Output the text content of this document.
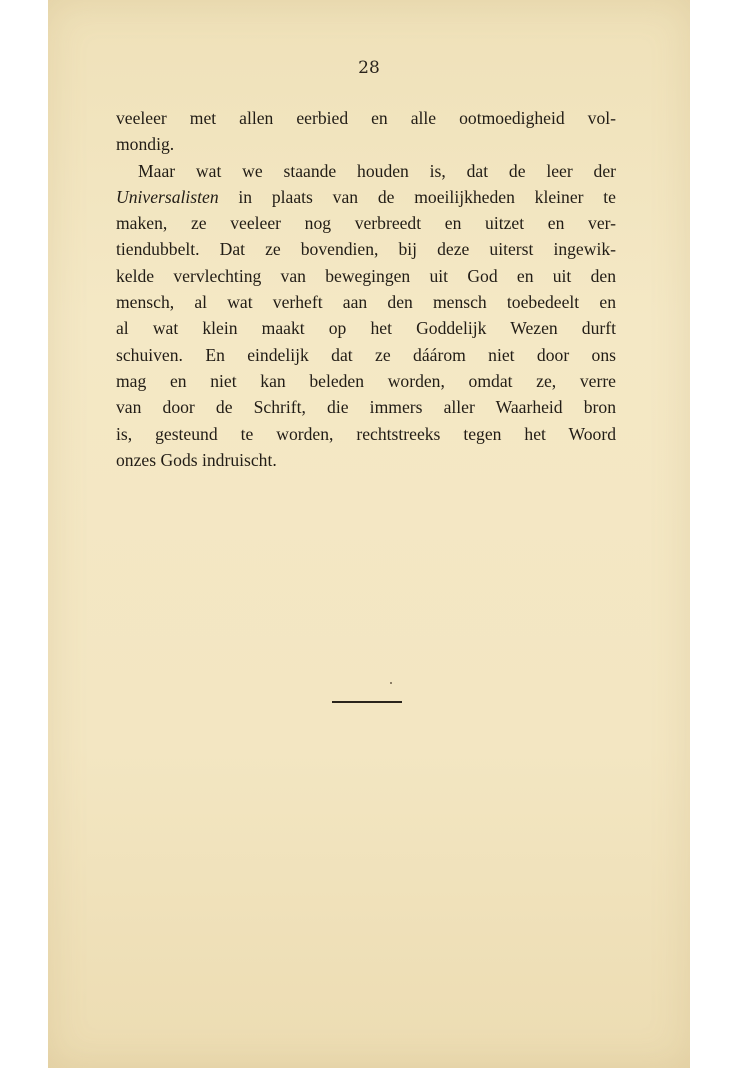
28
veeleer met allen eerbied en alle ootmoedigheid vol-
mondig.
Maar wat we staande houden is, dat de leer der
Universalisten in plaats van de moeilijkheden kleiner te
maken, ze veeleer nog verbreedt en uitzet en ver-
tiendubbelt. Dat ze bovendien, bij deze uiterst ingewik-
kelde vervlechting van bewegingen uit God en uit den
mensch, al wat verheft aan den mensch toebedeelt en
al wat klein maakt op het Goddelijk Wezen durft
schuiven. En eindelijk dat ze dáárom niet door ons
mag en niet kan beleden worden, omdat ze, verre
van door de Schrift, die immers aller Waarheid bron
is, gesteund te worden, rechtstreeks tegen het Woord
onzes Gods indruischt.
